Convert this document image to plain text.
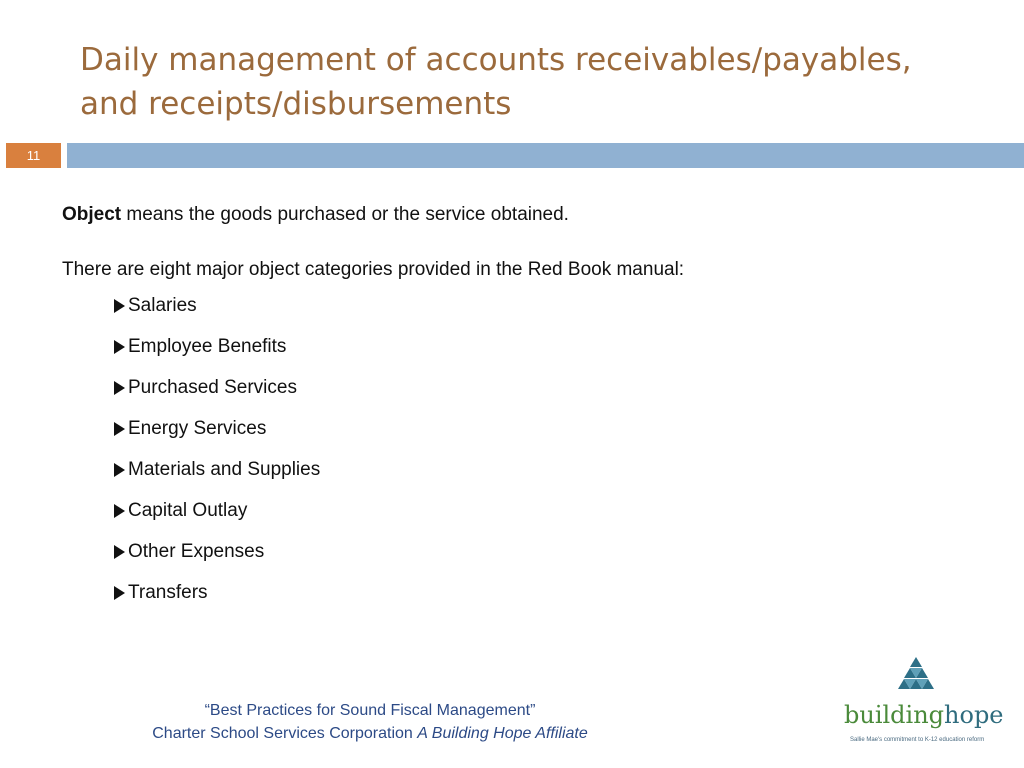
Daily management of accounts receivables/payables,
and receipts/disbursements
11

Object means the goods purchased or the service obtained.

There are eight major object categories provided in the Red Book manual:

Salaries
Employee Benefits
Purchased Services
Energy Services
Materials and Supplies
Capital Outlay
Other Expenses
Transfers
“Best Practices for Sound Fiscal Management”
Charter School Services Corporation A Building Hope Affiliate
buildinghope
Sallie Mae's commitment to K-12 education reform
